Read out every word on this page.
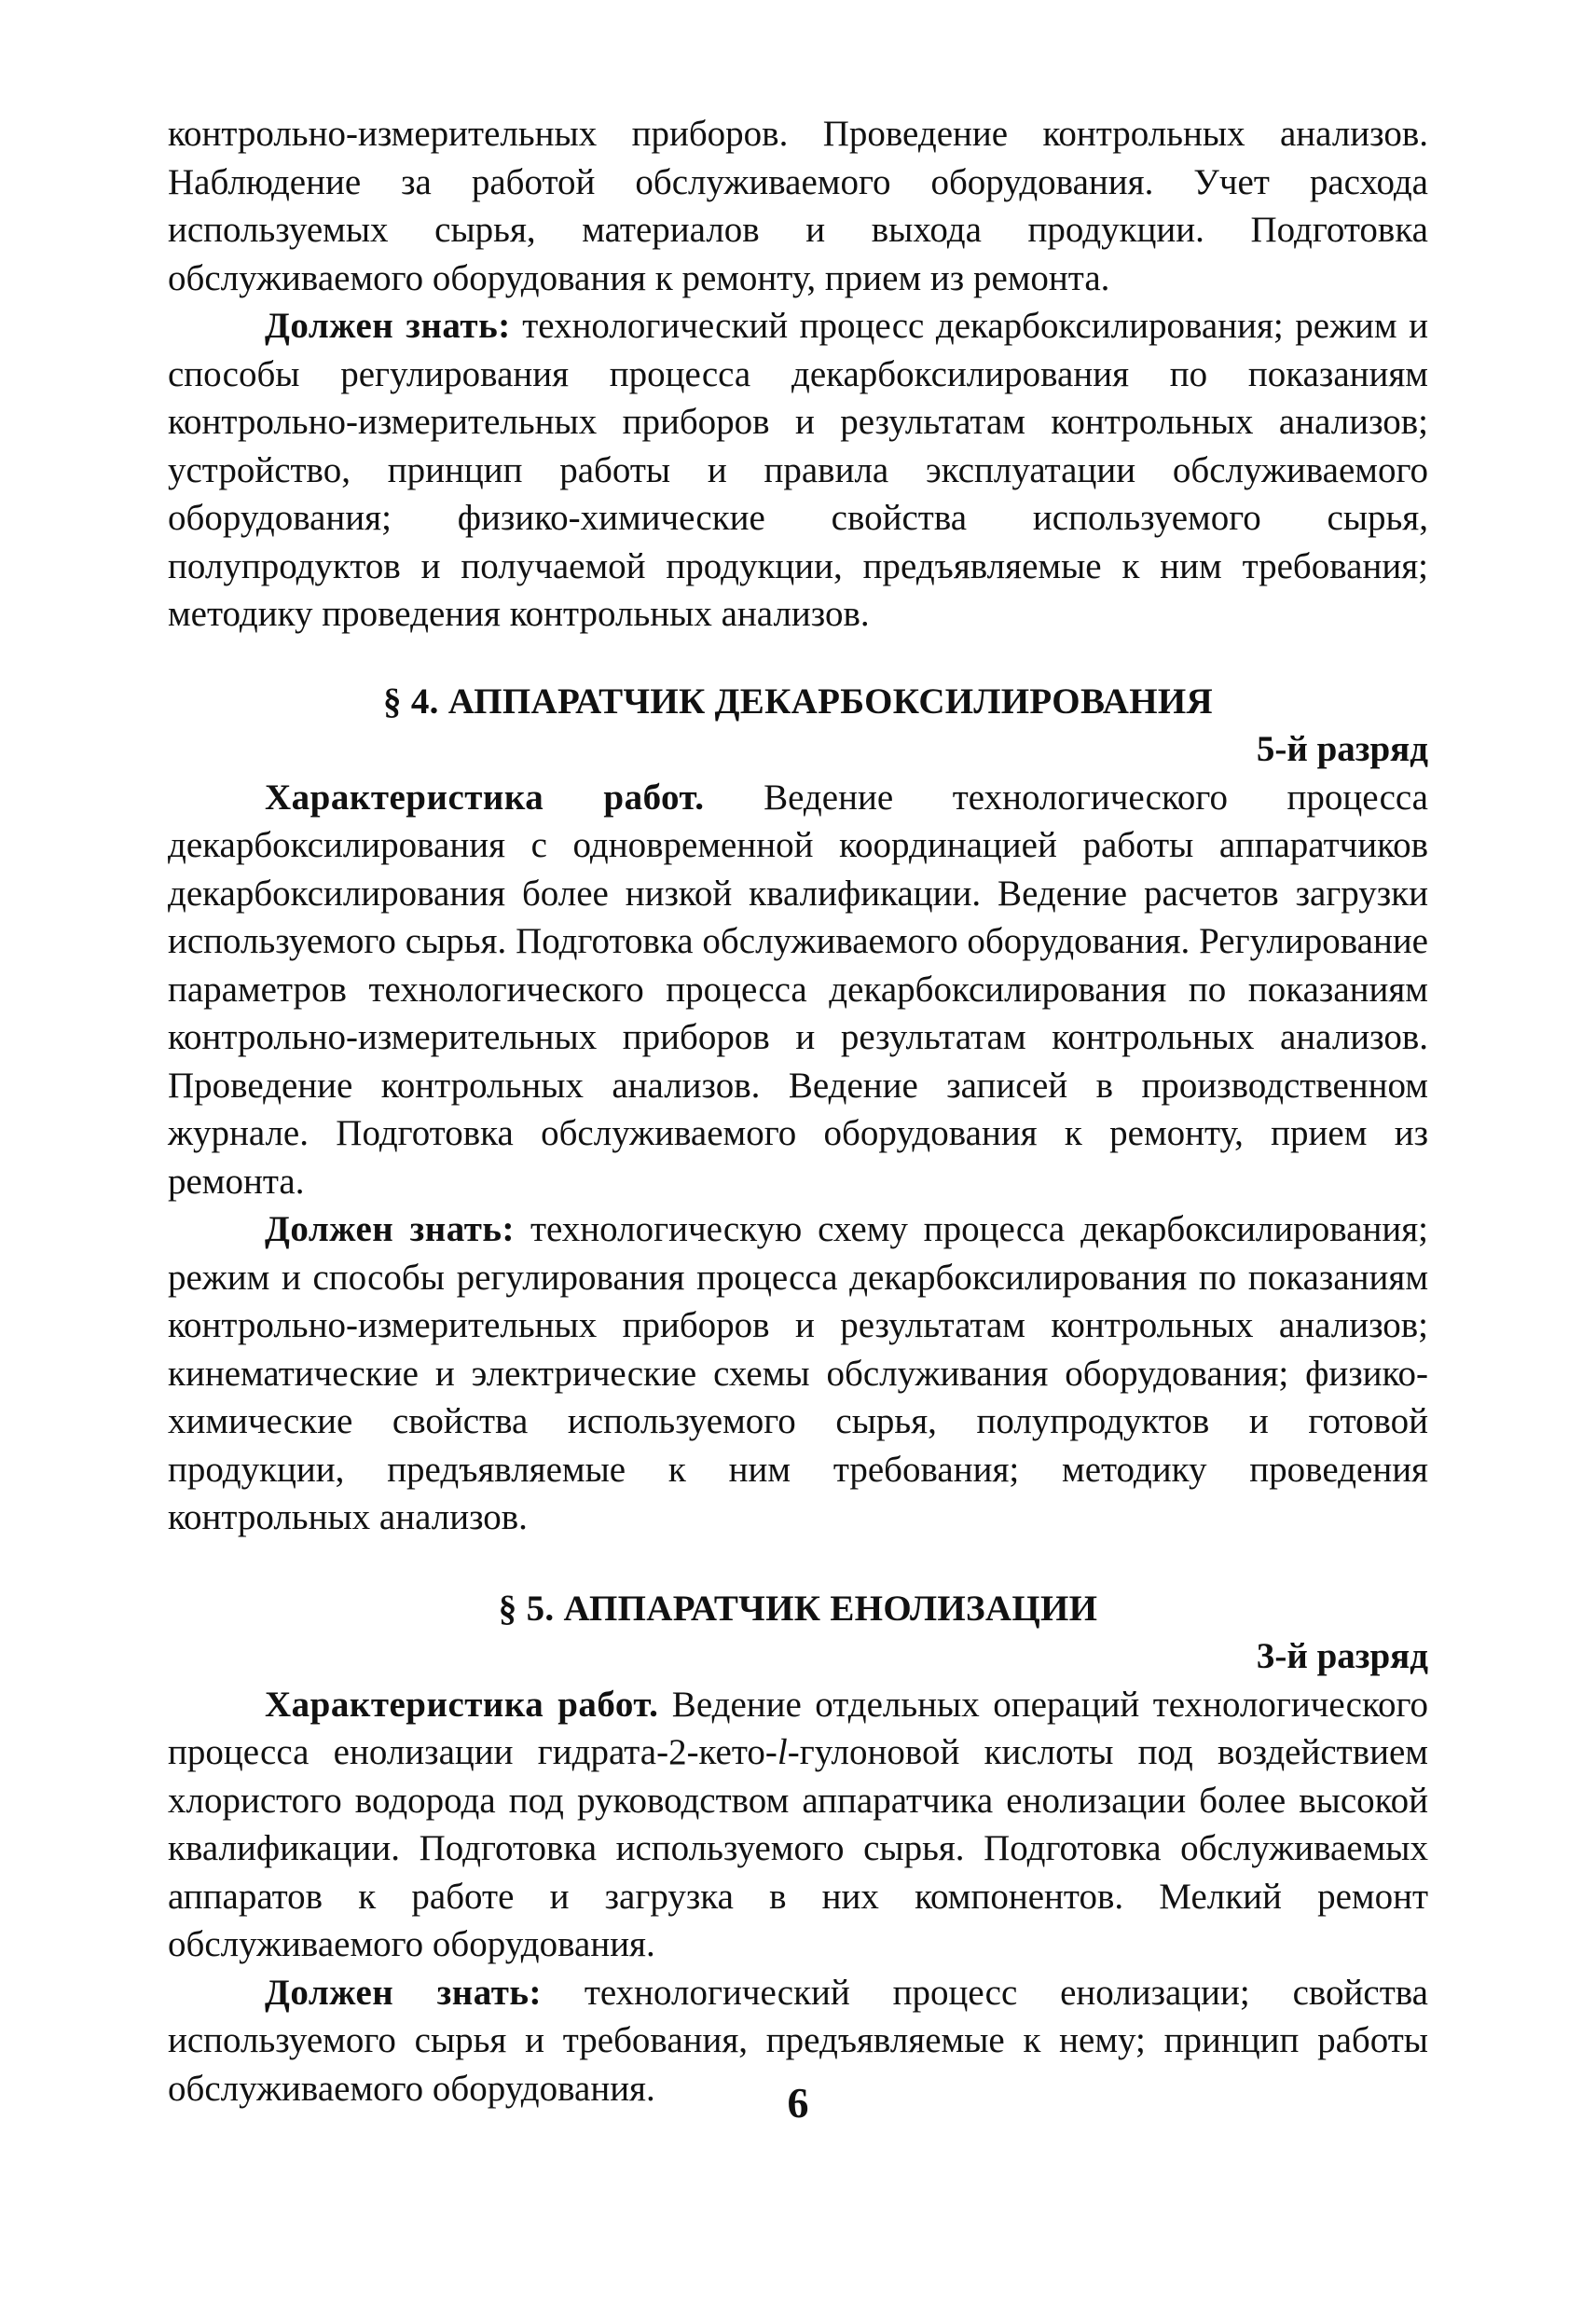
контрольно-измерительных приборов. Проведение контрольных анализов. Наблюдение за работой обслуживаемого оборудования. Учет расхода используемых сырья, материалов и выхода продукции. Подготовка обслуживаемого оборудования к ремонту, прием из ремонта.

Должен знать: технологический процесс декарбоксилирования; режим и способы регулирования процесса декарбоксилирования по показаниям контрольно-измерительных приборов и результатам контрольных анализов; устройство, принцип работы и правила эксплуатации обслуживаемого оборудования; физико-химические свойства используемого сырья, полупродуктов и получаемой продукции, предъявляемые к ним требования; методику проведения контрольных анализов.

§ 4. АППАРАТЧИК ДЕКАРБОКСИЛИРОВАНИЯ

5-й разряд

Характеристика работ. Ведение технологического процесса декарбоксилирования с одновременной координацией работы аппаратчиков декарбоксилирования более низкой квалификации. Ведение расчетов загрузки используемого сырья. Подготовка обслуживаемого оборудования. Регулирование параметров технологического процесса декарбоксилирования по показаниям контрольно-измерительных приборов и результатам контрольных анализов. Проведение контрольных анализов. Ведение записей в производственном журнале. Подготовка обслуживаемого оборудования к ремонту, прием из ремонта.

Должен знать: технологическую схему процесса декарбоксилирования; режим и способы регулирования процесса декарбоксилирования по показаниям контрольно-измерительных приборов и результатам контрольных анализов; кинематические и электрические схемы обслуживания оборудования; физико-химические свойства используемого сырья, полупродуктов и готовой продукции, предъявляемые к ним требования; методику проведения контрольных анализов.

§ 5. АППАРАТЧИК ЕНОЛИЗАЦИИ

3-й разряд

Характеристика работ. Ведение отдельных операций технологического процесса енолизации гидрата-2-кето-l-гулоновой кислоты под воздействием хлористого водорода под руководством аппаратчика енолизации более высокой квалификации. Подготовка используемого сырья. Подготовка обслуживаемых аппаратов к работе и загрузка в них компонентов. Мелкий ремонт обслуживаемого оборудования.

Должен знать: технологический процесс енолизации; свойства используемого сырья и требования, предъявляемые к нему; принцип работы обслуживаемого оборудования.	6
